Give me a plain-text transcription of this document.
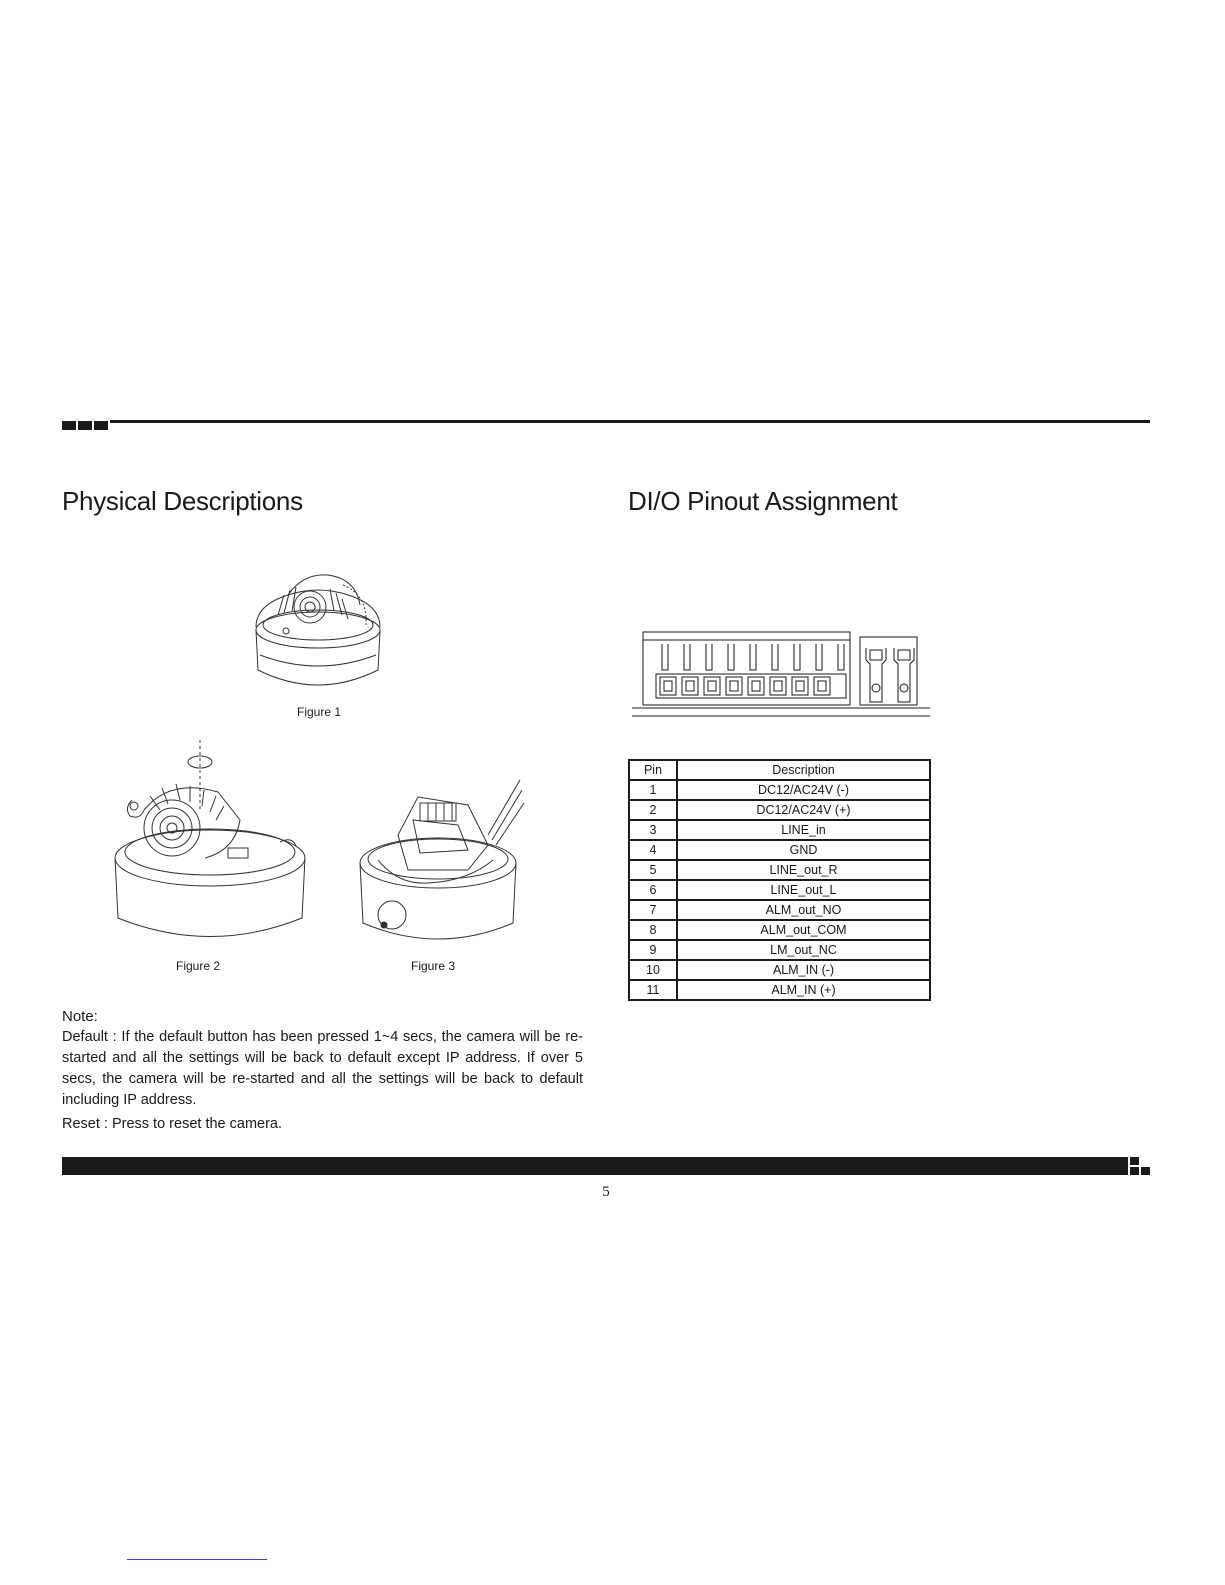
Physical Descriptions	DI/O Pinout Assignment
Figure 1
Figure 2	Figure 3
Pin	Description
1	DC12/AC24V (-)
2	DC12/AC24V (+)
3	LINE_in
4	GND
5	LINE_out_R
6	LINE_out_L
7	ALM_out_NO
8	ALM_out_COM
9	LM_out_NC
10	ALM_IN (-)
11	ALM_IN (+)
Note:

Default : If the default button has been pressed 1~4 secs, the camera will be re-started and all the settings will be back to default except IP address. If over 5 secs, the camera will be re-started and all the settings will be back to default including IP address.

Reset : Press to reset the camera.
5
